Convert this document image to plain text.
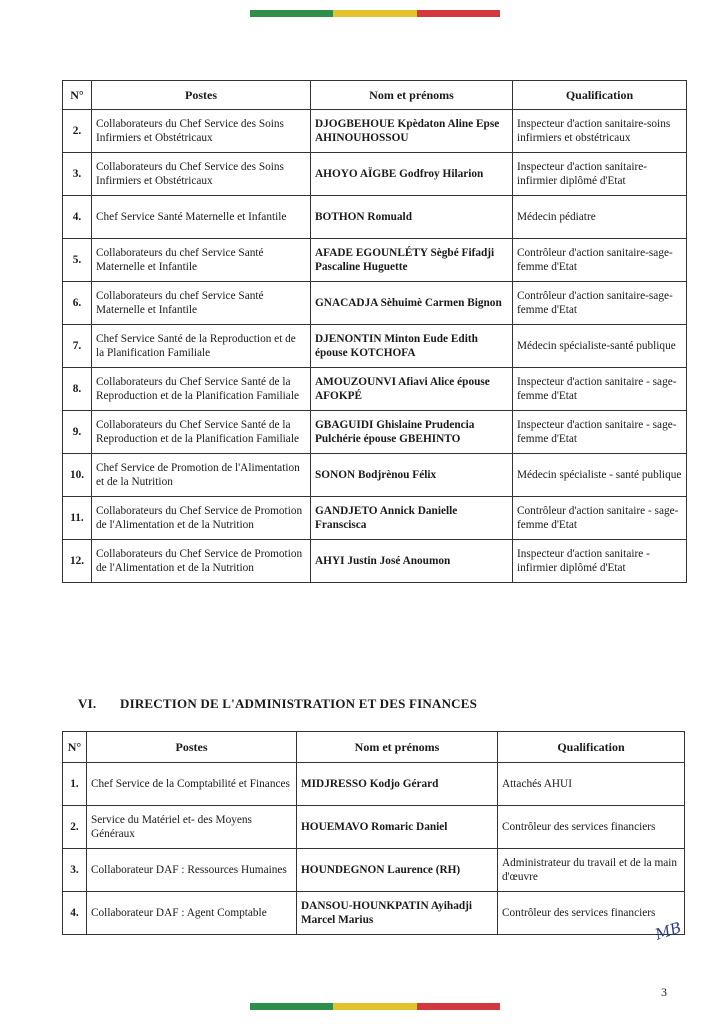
N°	Postes	Nom et prénoms	Qualification
2.	Collaborateurs du Chef Service des Soins Infirmiers et Obstétricaux	DJOGBEHOUE Kpèdaton Aline Epse AHINOUHOSSOU	Inspecteur d'action sanitaire-soins infirmiers et obstétricaux
3.	Collaborateurs du Chef Service des Soins Infirmiers et Obstétricaux	AHOYO AÏGBE Godfroy Hilarion	Inspecteur d'action sanitaire-infirmier diplômé d'Etat
4.	Chef Service Santé Maternelle et Infantile	BOTHON Romuald	Médecin pédiatre
5.	Collaborateurs du chef Service Santé Maternelle et Infantile	AFADE EGOUNLÉTY Sègbé Fifadji Pascaline Huguette	Contrôleur d'action sanitaire-sage-femme d'Etat
6.	Collaborateurs du chef Service Santé Maternelle et Infantile	GNACADJA Sèhuimè Carmen Bignon	Contrôleur d'action sanitaire-sage-femme d'Etat
7.	Chef Service Santé de la Reproduction et de la Planification Familiale	DJENONTIN Minton Eude Edith épouse KOTCHOFA	Médecin spécialiste-santé publique
8.	Collaborateurs du Chef Service Santé de la Reproduction et de la Planification Familiale	AMOUZOUNVI Afiavi Alice épouse AFOKPÉ	Inspecteur d'action sanitaire - sage-femme d'Etat
9.	Collaborateurs du Chef Service Santé de la Reproduction et de la Planification Familiale	GBAGUIDI Ghislaine Prudencia Pulchérie épouse GBEHINTO	Inspecteur d'action sanitaire - sage-femme d'Etat
10.	Chef Service de Promotion de l'Alimentation et de la Nutrition	SONON Bodjrènou Félix	Médecin spécialiste - santé publique
11.	Collaborateurs du Chef Service de Promotion de l'Alimentation et de la Nutrition	GANDJETO Annick Danielle Franscisca	Contrôleur d'action sanitaire - sage-femme d'Etat
12.	Collaborateurs du Chef Service de Promotion de l'Alimentation et de la Nutrition	AHYI Justin José Anoumon	Inspecteur d'action sanitaire - infirmier diplômé d'Etat
VI. DIRECTION DE L'ADMINISTRATION ET DES FINANCES
N°	Postes	Nom et prénoms	Qualification
1.	Chef Service de la Comptabilité et Finances	MIDJRESSO Kodjo Gérard	Attachés AHUI
2.	Service du Matériel et- des Moyens Généraux	HOUEMAVO Romaric Daniel	Contrôleur des services financiers
3.	Collaborateur DAF : Ressources Humaines	HOUNDEGNON Laurence (RH)	Administrateur du travail et de la main d'œuvre
4.	Collaborateur DAF : Agent Comptable	DANSOU-HOUNKPATIN Ayihadji Marcel Marius	Contrôleur des services financiers
MB
3
